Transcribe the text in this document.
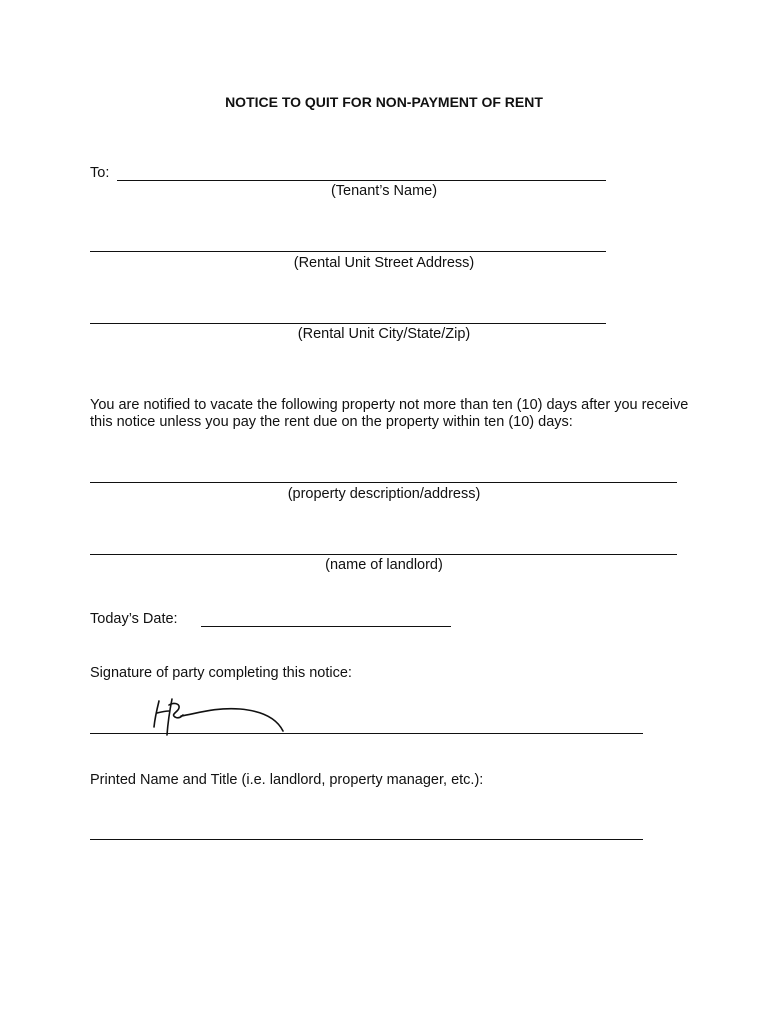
NOTICE TO QUIT FOR NON-PAYMENT OF RENT
To:
(Tenant’s Name)
(Rental Unit Street Address)
(Rental Unit City/State/Zip)
You are notified to vacate the following property not more than ten (10) days after you receive this notice unless you pay the rent due on the property within ten (10) days:
(property description/address)
(name of landlord)
Today’s Date:
Signature of party completing this notice:
Printed Name and Title (i.e. landlord, property manager, etc.):
